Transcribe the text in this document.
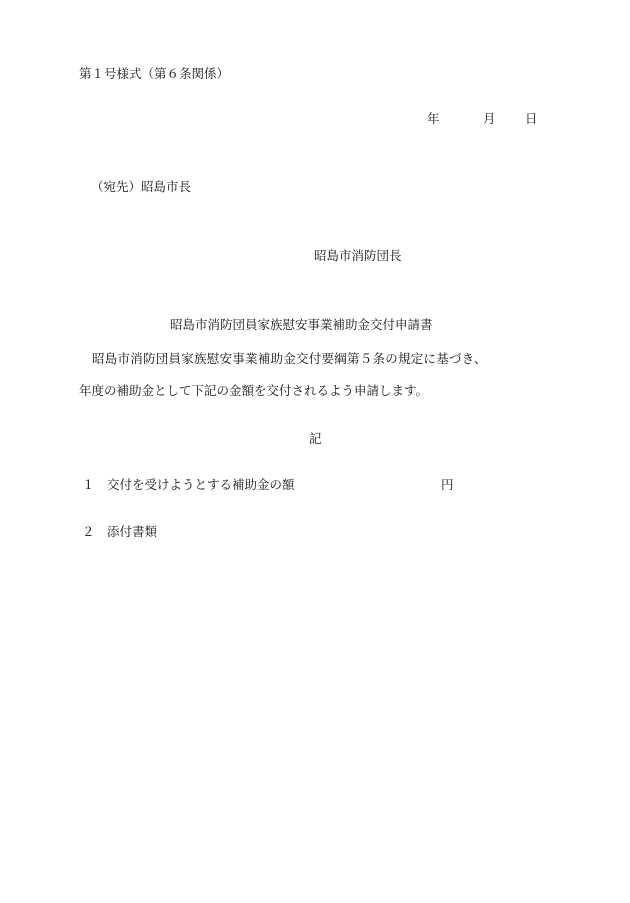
第１号様式（第６条関係）
年	月 日
（宛先）昭島市長
昭島市消防団長
昭島市消防団員家族慰安事業補助金交付申請書
昭島市消防団員家族慰安事業補助金交付要綱第５条の規定に基づき、
年度の補助金として下記の金額を交付されるよう申請します。
記
１ 交付を受けようとする補助金の額	円
２ 添付書類
